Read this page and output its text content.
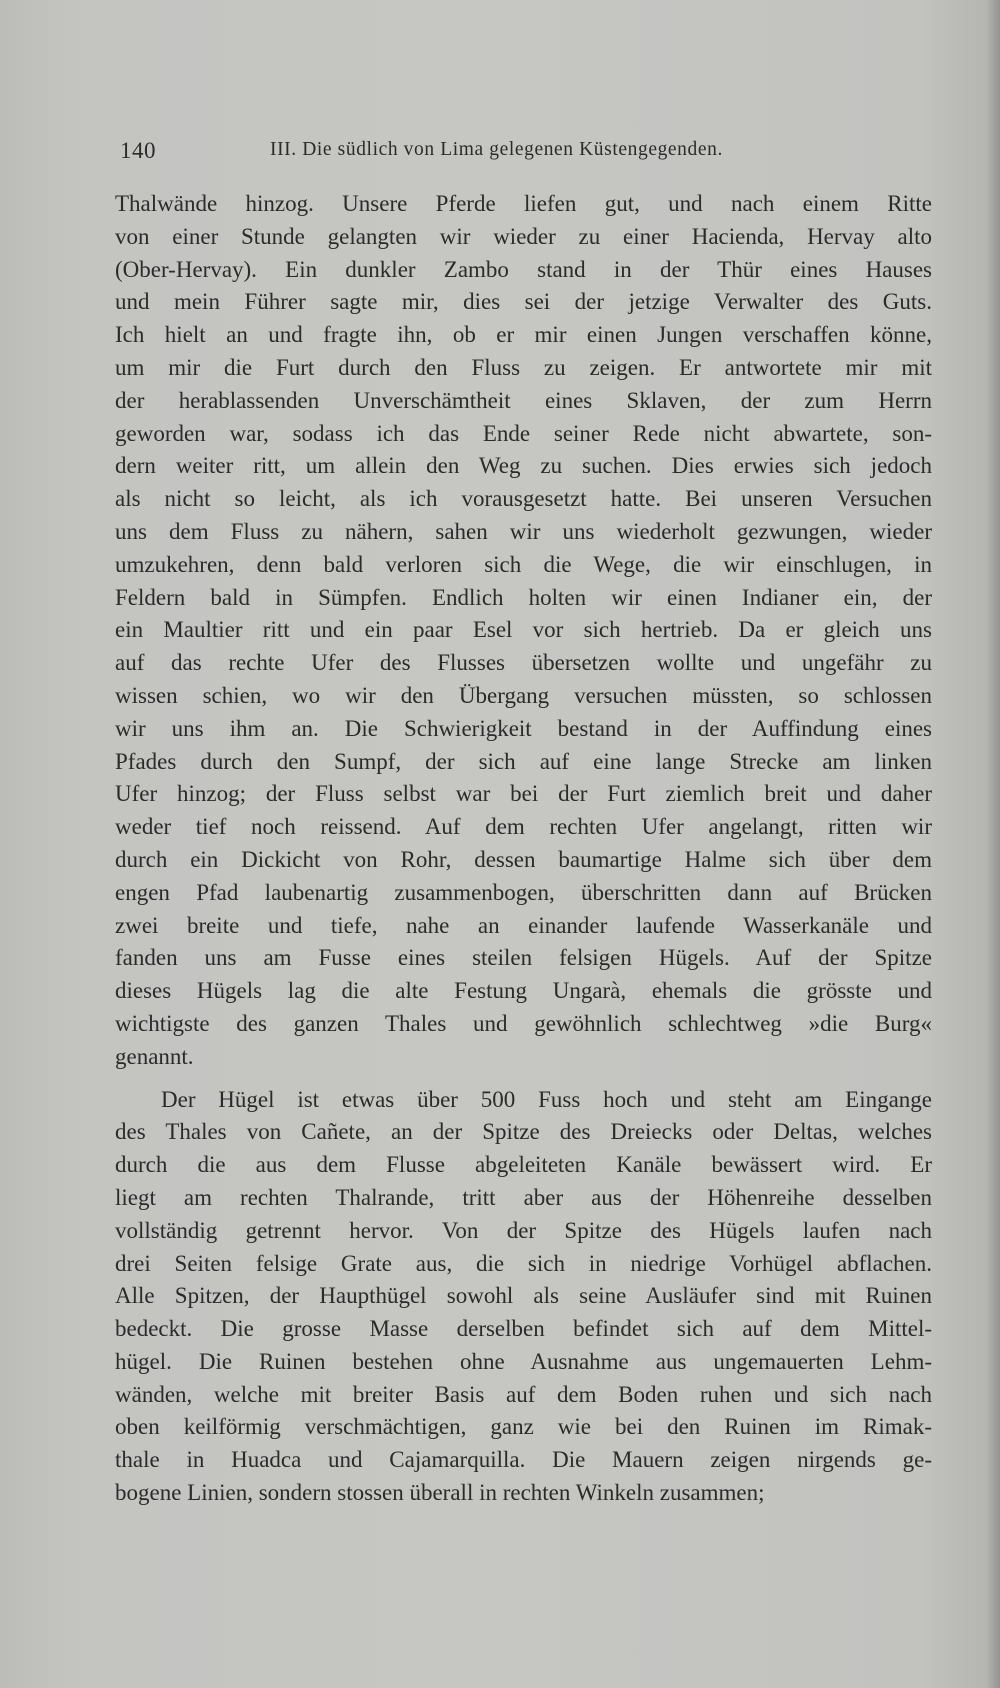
140	III. Die südlich von Lima gelegenen Küstengegenden.
Thalwände hinzog. Unsere Pferde liefen gut, und nach einem Ritte
von einer Stunde gelangten wir wieder zu einer Hacienda, Hervay alto
(Ober-Hervay). Ein dunkler Zambo stand in der Thür eines Hauses
und mein Führer sagte mir, dies sei der jetzige Verwalter des Guts.
Ich hielt an und fragte ihn, ob er mir einen Jungen verschaffen könne,
um mir die Furt durch den Fluss zu zeigen. Er antwortete mir mit
der herablassenden Unverschämtheit eines Sklaven, der zum Herrn
geworden war, sodass ich das Ende seiner Rede nicht abwartete, son-
dern weiter ritt, um allein den Weg zu suchen. Dies erwies sich jedoch
als nicht so leicht, als ich vorausgesetzt hatte. Bei unseren Versuchen
uns dem Fluss zu nähern, sahen wir uns wiederholt gezwungen, wieder
umzukehren, denn bald verloren sich die Wege, die wir einschlugen, in
Feldern bald in Sümpfen. Endlich holten wir einen Indianer ein, der
ein Maultier ritt und ein paar Esel vor sich hertrieb. Da er gleich uns
auf das rechte Ufer des Flusses übersetzen wollte und ungefähr zu
wissen schien, wo wir den Übergang versuchen müssten, so schlossen
wir uns ihm an. Die Schwierigkeit bestand in der Auffindung eines
Pfades durch den Sumpf, der sich auf eine lange Strecke am linken
Ufer hinzog; der Fluss selbst war bei der Furt ziemlich breit und daher
weder tief noch reissend. Auf dem rechten Ufer angelangt, ritten wir
durch ein Dickicht von Rohr, dessen baumartige Halme sich über dem
engen Pfad laubenartig zusammenbogen, überschritten dann auf Brücken
zwei breite und tiefe, nahe an einander laufende Wasserkanäle und
fanden uns am Fusse eines steilen felsigen Hügels. Auf der Spitze
dieses Hügels lag die alte Festung Ungarà, ehemals die grösste und
wichtigste des ganzen Thales und gewöhnlich schlechtweg »die Burg«
genannt.
Der Hügel ist etwas über 500 Fuss hoch und steht am Eingange
des Thales von Cañete, an der Spitze des Dreiecks oder Deltas, welches
durch die aus dem Flusse abgeleiteten Kanäle bewässert wird. Er
liegt am rechten Thalrande, tritt aber aus der Höhenreihe desselben
vollständig getrennt hervor. Von der Spitze des Hügels laufen nach
drei Seiten felsige Grate aus, die sich in niedrige Vorhügel abflachen.
Alle Spitzen, der Haupthügel sowohl als seine Ausläufer sind mit Ruinen
bedeckt. Die grosse Masse derselben befindet sich auf dem Mittel-
hügel. Die Ruinen bestehen ohne Ausnahme aus ungemauerten Lehm-
wänden, welche mit breiter Basis auf dem Boden ruhen und sich nach
oben keilförmig verschmächtigen, ganz wie bei den Ruinen im Rimak-
thale in Huadca und Cajamarquilla. Die Mauern zeigen nirgends ge-
bogene Linien, sondern stossen überall in rechten Winkeln zusammen;
